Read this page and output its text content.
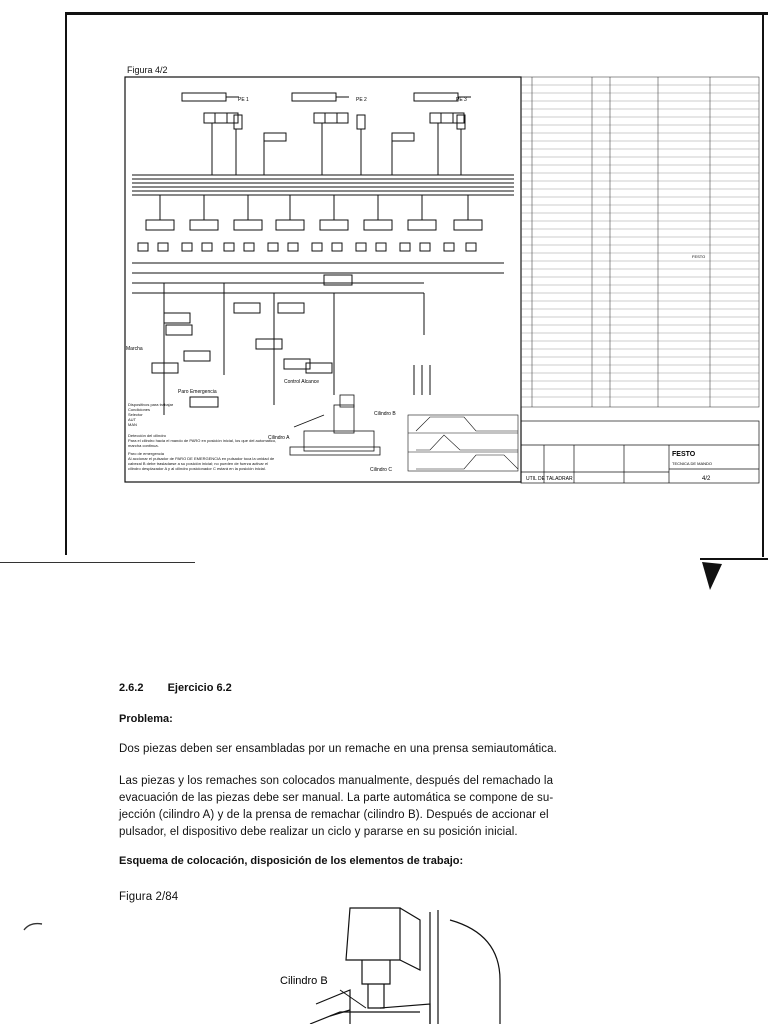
Figura 4/2
PE 1	PE 2	PE 3
Marcha
Paro Emergencia
Control Alcance
Cilindro B
Cilindro A
Cilindro C
FESTO
FESTO
TECNICA DE MANDO
UTIL DE TALADRAR	4/2
Dispositivos para trabajar
Condiciones
Selector
AUT
MAN
Detección del cilindro
Para el cilindro hacia el mando de PARO en posición inicial, los que del automatico, marcha continua.
Paro de emergencia
Al accionar el pulsador de PARO DE EMERGENCIA en pulsador toca la unidad de cabezal B debe trasladarse a su posición inicial; no pueden de fuerza activar el cilindro desplazador A y al cilindro posicionador C estará en la posición inicial.
2.6.2 Ejercicio 6.2
Problema:
Dos piezas deben ser ensambladas por un remache en una prensa semiautomática.
Las piezas y los remaches son colocados manualmente, después del remachado la
evacuación de las piezas debe ser manual. La parte automática se compone de su-
jección (cilindro A) y de la prensa de remachar (cilindro B). Después de accionar el
pulsador, el dispositivo debe realizar un ciclo y pararse en su posición inicial.
Esquema de colocación, disposición de los elementos de trabajo:
Figura 2/84
Cilindro B
